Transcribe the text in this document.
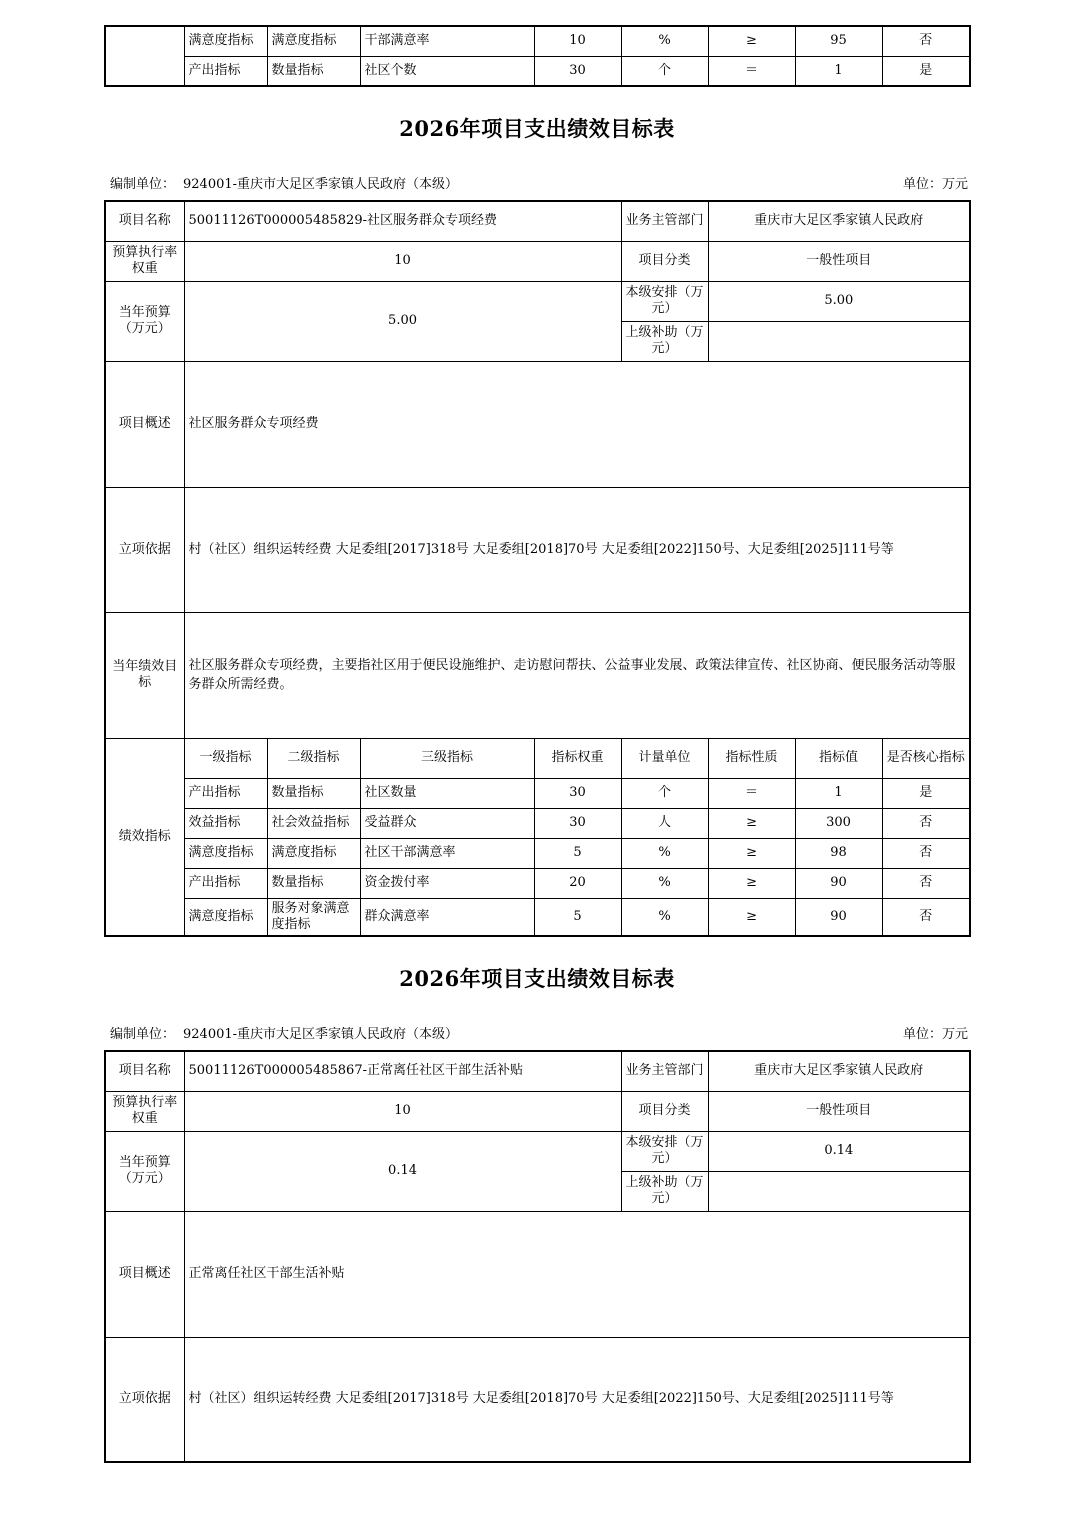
	满意度指标	满意度指标	干部满意率	10	%	≥	95	否
	产出指标	数量指标	社区个数	30	个	＝	1	是
2026年项目支出绩效目标表
编制单位： 924001-重庆市大足区季家镇人民政府（本级）	单位：万元
项目名称	50011126T000005485829-社区服务群众专项经费				业务主管部门	重庆市大足区季家镇人民政府		
预算执行率权重	10				项目分类	一般性项目		
当年预算（万元）	5.00				本级安排（万元）	5.00		
					上级补助（万元）			
项目概述	社区服务群众专项经费							
立项依据	村（社区）组织运转经费 大足委组[2017]318号 大足委组[2018]70号 大足委组[2022]150号、大足委组[2025]111号等							
当年绩效目标	社区服务群众专项经费，主要指社区用于便民设施维护、走访慰问帮扶、公益事业发展、政策法律宣传、社区协商、便民服务活动等服务群众所需经费。							
绩效指标	一级指标	二级指标	三级指标	指标权重	计量单位	指标性质	指标值	是否核心指标
	产出指标	数量指标	社区数量	30	个	＝	1	是
	效益指标	社会效益指标	受益群众	30	人	≥	300	否
	满意度指标	满意度指标	社区干部满意率	5	%	≥	98	否
	产出指标	数量指标	资金拨付率	20	%	≥	90	否
	满意度指标	服务对象满意度指标	群众满意率	5	%	≥	90	否
2026年项目支出绩效目标表
编制单位： 924001-重庆市大足区季家镇人民政府（本级）	单位：万元
项目名称	50011126T000005485867-正常离任社区干部生活补贴	业务主管部门	重庆市大足区季家镇人民政府
预算执行率权重	10	项目分类	一般性项目
当年预算（万元）	0.14	本级安排（万元）	0.14
		上级补助（万元）	
项目概述	正常离任社区干部生活补贴		
立项依据	村（社区）组织运转经费 大足委组[2017]318号 大足委组[2018]70号 大足委组[2022]150号、大足委组[2025]111号等		
